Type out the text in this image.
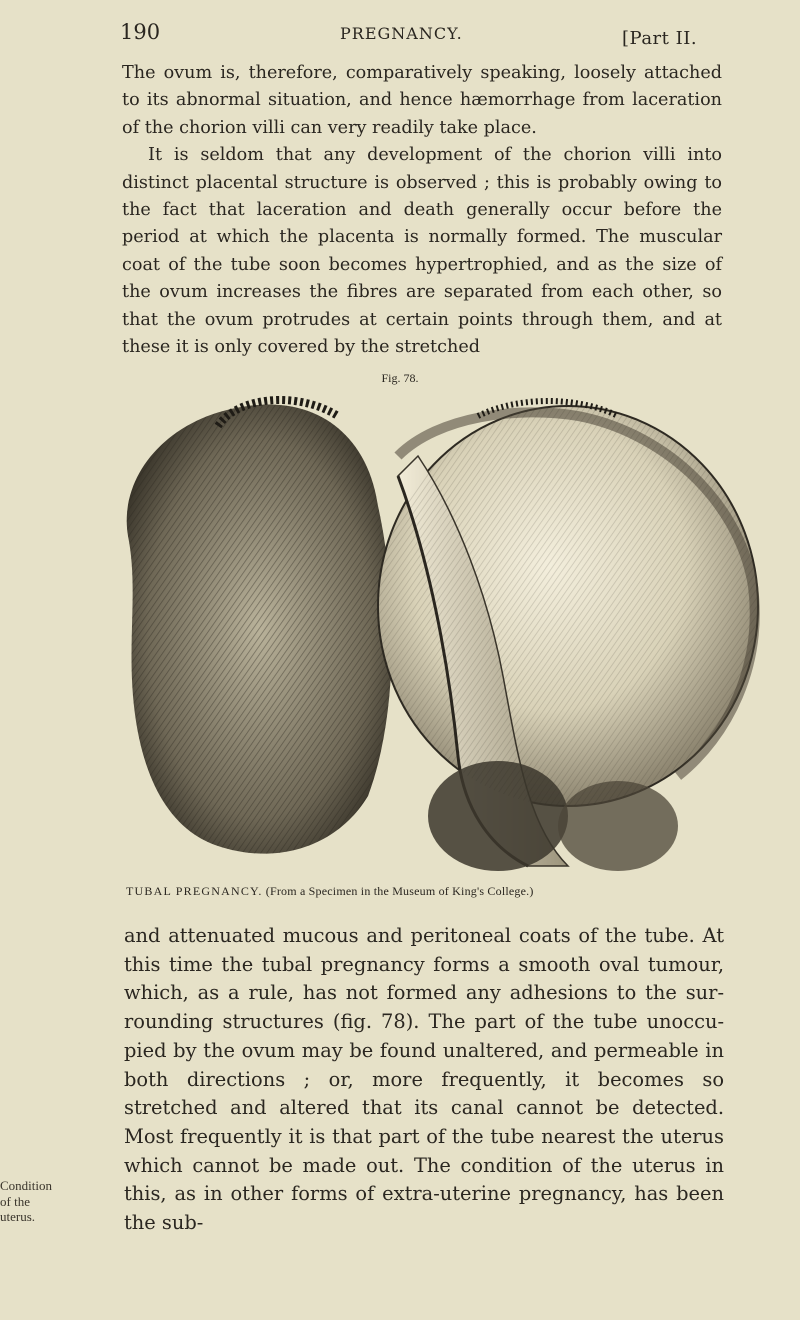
190	PREGNANCY.	[Part II.

The ovum is, therefore, comparatively speaking, loosely attached to its abnormal situation, and hence hæmorrhage from laceration of the chorion villi can very readily take place.

It is seldom that any development of the chorion villi into distinct placental structure is observed ; this is probably owing to the fact that laceration and death generally occur before the period at which the placenta is normally formed. The muscular coat of the tube soon becomes hypertrophied, and as the size of the ovum increases the fibres are separated from each other, so that the ovum protrudes at certain points through them, and at these it is only covered by the stretched

Fig. 78.
TUBAL PREGNANCY. (From a Specimen in the Museum of King's College.)

and attenuated mucous and peritoneal coats of the tube. At this time the tubal pregnancy forms a smooth oval tumour, which, as a rule, has not formed any adhesions to the surrounding structures (fig. 78). The part of the tube unoccupied by the ovum may be found unaltered, and permeable in both directions ; or, more frequently, it becomes so stretched and altered that its canal cannot be detected. Most frequently it is that part of the tube nearest the uterus which cannot be made out. The condition of the uterus in this, as in other forms of extra-uterine pregnancy, has been the sub-

Condition
of the
uterus.
